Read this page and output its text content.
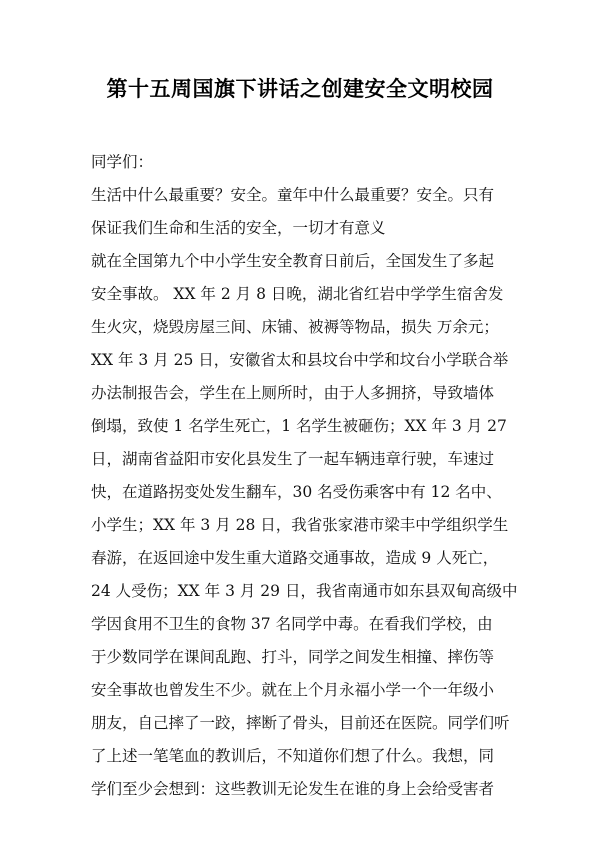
第十五周国旗下讲话之创建安全文明校园
同学们：
生活中什么最重要？安全。童年中什么最重要？安全。只有
保证我们生命和生活的安全，一切才有意义
就在全国第九个中小学生安全教育日前后，全国发生了多起
安全事故。 XX 年 2 月 8 日晚，湖北省红岩中学学生宿舍发
生火灾，烧毁房屋三间、床铺、被褥等物品，损失 万余元；
XX 年 3 月 25 日，安徽省太和县坟台中学和坟台小学联合举
办法制报告会，学生在上厕所时，由于人多拥挤，导致墙体
倒塌，致使 1 名学生死亡，1 名学生被砸伤；XX 年 3 月 27
日，湖南省益阳市安化县发生了一起车辆违章行驶，车速过
快，在道路拐变处发生翻车，30 名受伤乘客中有 12 名中、
小学生；XX 年 3 月 28 日，我省张家港市梁丰中学组织学生
春游，在返回途中发生重大道路交通事故，造成 9 人死亡，
24 人受伤；XX 年 3 月 29 日，我省南通市如东县双甸高级中
学因食用不卫生的食物 37 名同学中毒。在看我们学校，由
于少数同学在课间乱跑、打斗，同学之间发生相撞、摔伤等
安全事故也曾发生不少。就在上个月永福小学一个一年级小
朋友，自己摔了一跤，摔断了骨头，目前还在医院。同学们听
了上述一笔笔血的教训后，不知道你们想了什么。我想，同
学们至少会想到：这些教训无论发生在谁的身上会给受害者
